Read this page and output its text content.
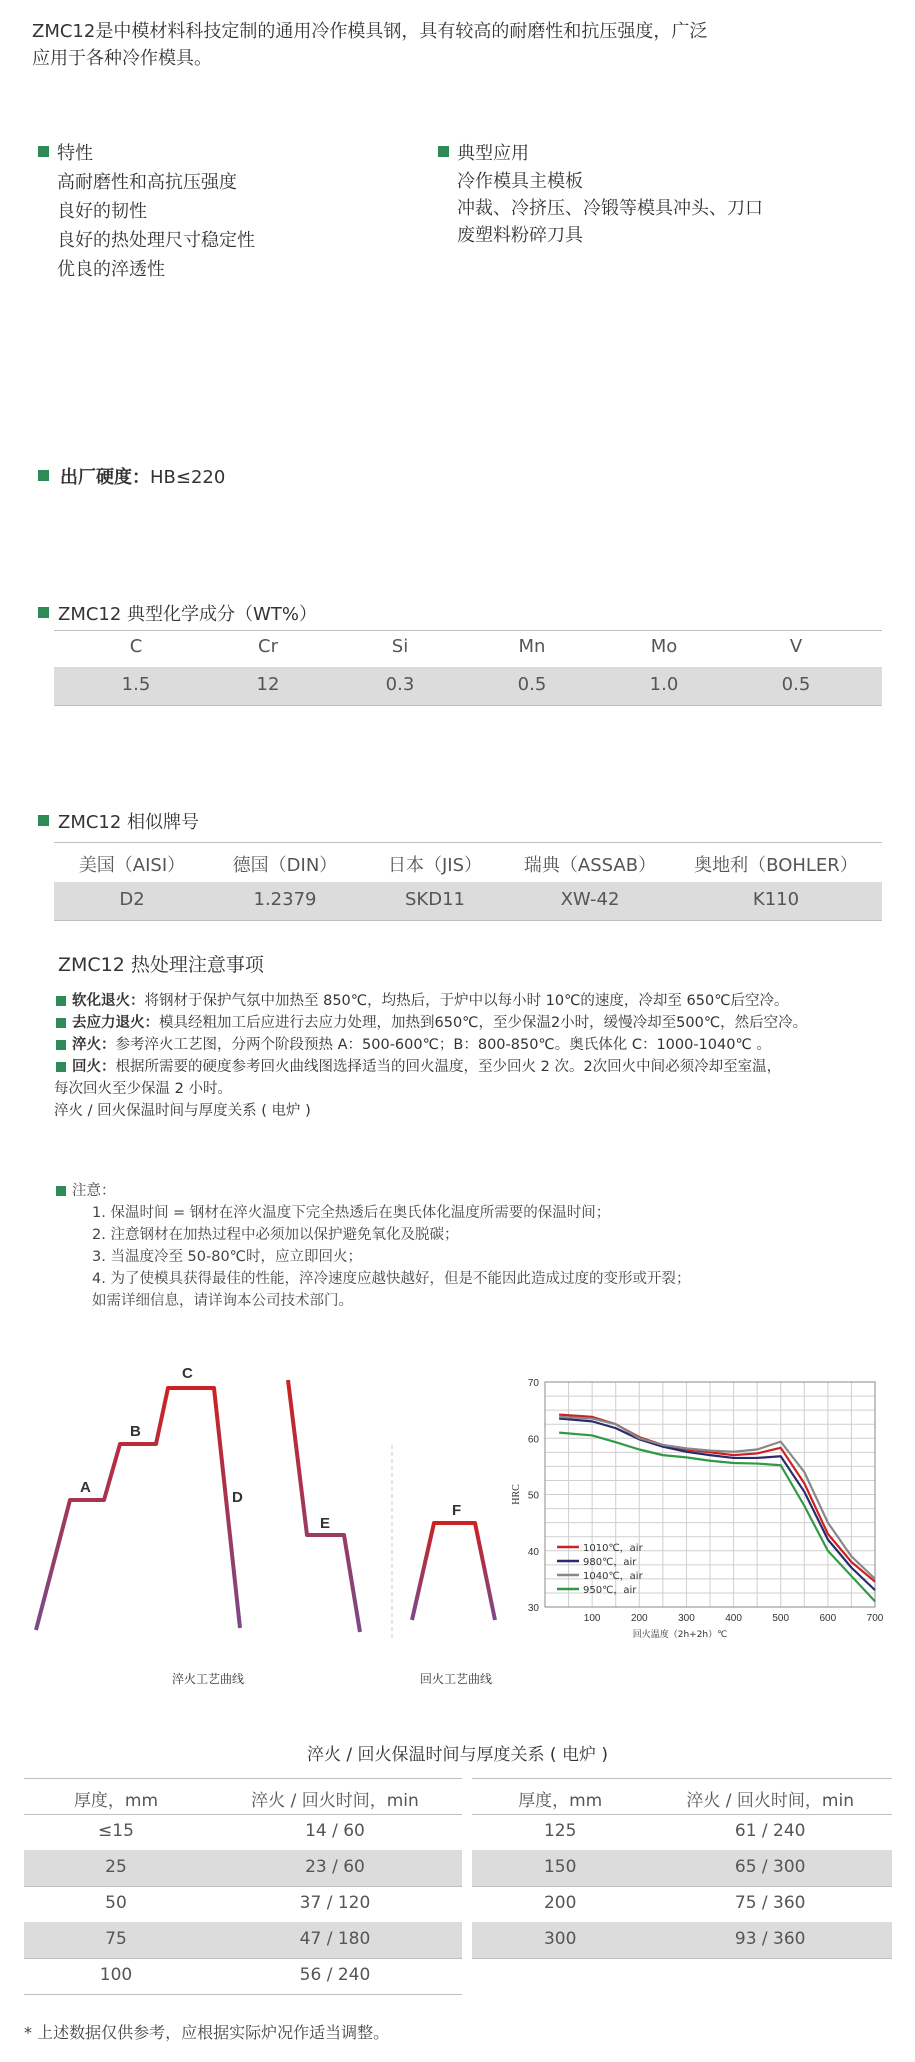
ZMC12是中模材料科技定制的通用冷作模具钢，具有较高的耐磨性和抗压强度，广泛
应用于各种冷作模具。
特性
高耐磨性和高抗压强度
良好的韧性
良好的热处理尺寸稳定性
优良的淬透性
典型应用
冷作模具主模板
冲裁、冷挤压、冷锻等模具冲头、刀口
废塑料粉碎刀具
出厂硬度：HB≤220
ZMC12 典型化学成分（WT%）
C	Cr	Si	Mn	Mo	V
1.5	12	0.3	0.5	1.0	0.5
ZMC12 相似牌号
美国（AISI）	德国（DIN）	日本（JIS）	瑞典（ASSAB）	奥地利（BOHLER）
D2	1.2379	SKD11	XW-42	K110
ZMC12 热处理注意事项
软化退火：将钢材于保护气氛中加热至 850℃，均热后，于炉中以每小时 10℃的速度，冷却至 650℃后空冷。
去应力退火：模具经粗加工后应进行去应力处理，加热到650℃，至少保温2小时，缓慢冷却至500℃，然后空冷。
淬火：参考淬火工艺图，分两个阶段预热 A：500-600℃；B：800-850℃。奥氏体化 C：1000-1040℃ 。
回火：根据所需要的硬度参考回火曲线图选择适当的回火温度，至少回火 2 次。2次回火中间必须冷却至室温，
每次回火至少保温 2 小时。
淬火 / 回火保温时间与厚度关系 ( 电炉 )
注意：
1. 保温时间 = 钢材在淬火温度下完全热透后在奥氏体化温度所需要的保温时间；
2. 注意钢材在加热过程中必须加以保护避免氧化及脱碳；
3. 当温度冷至 50-80℃时，应立即回火；
4. 为了使模具获得最佳的性能，淬冷速度应越快越好，但是不能因此造成过度的变形或开裂；
如需详细信息，请详询本公司技术部门。
A
B
C
D
E
F
淬火工艺曲线	回火工艺曲线
100	200	300	400	500	600	700
30
40
50
60
70
回火温度（2h+2h）℃
HRC
1010℃，air
980℃，air
1040℃，air
950℃，air
淬火 / 回火保温时间与厚度关系 ( 电炉 )
厚度，mm	淬火 / 回火时间，min
≤15	14 / 60
25	23 / 60
50	37 / 120
75	47 / 180
100	56 / 240
厚度，mm	淬火 / 回火时间，min
125	61 / 240
150	65 / 300
200	75 / 360
300	93 / 360
* 上述数据仅供参考，应根据实际炉况作适当调整。
